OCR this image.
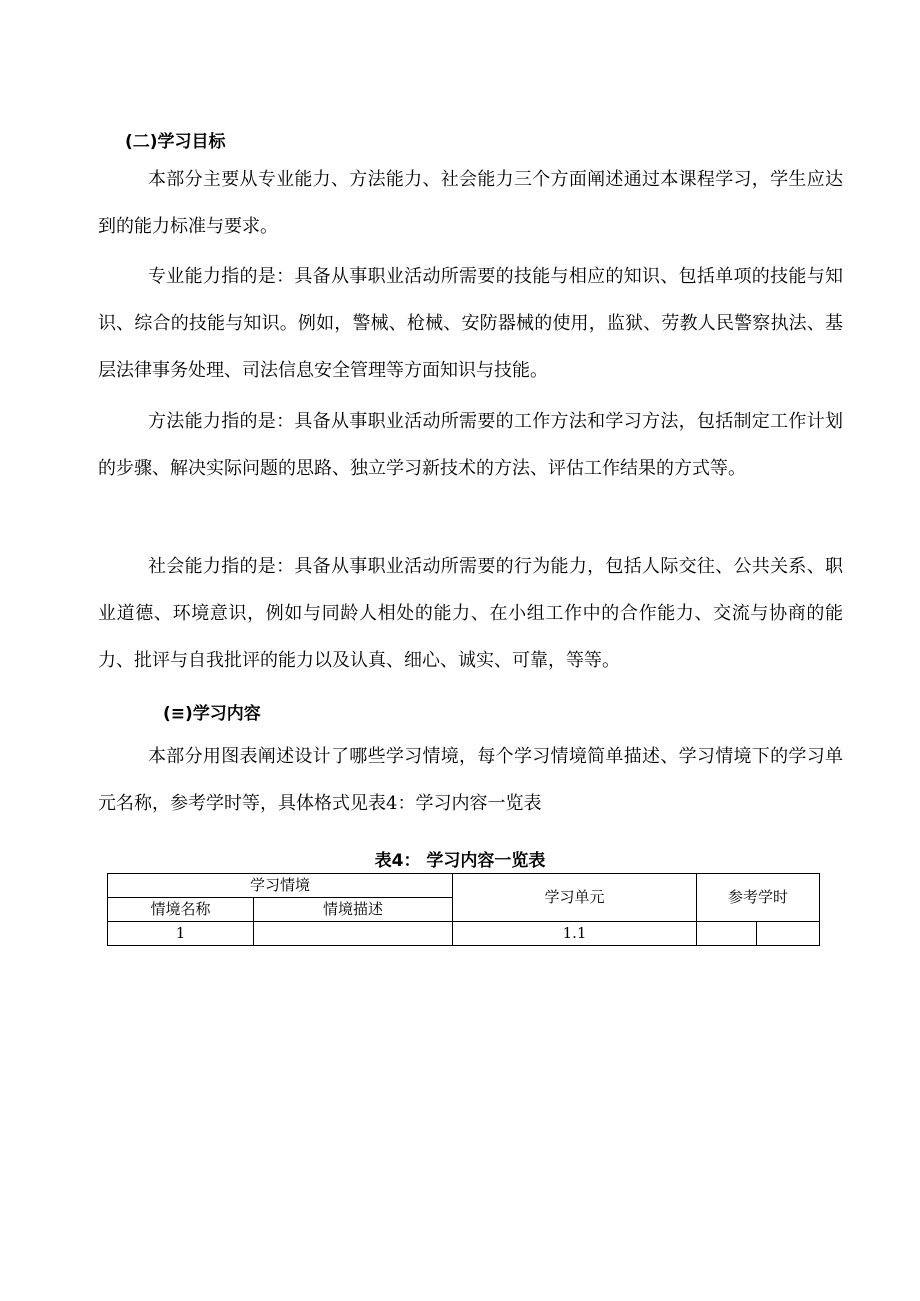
(二)学习目标

本部分主要从专业能力、方法能力、社会能力三个方面阐述通过本课程学习，学生应达到的能力标准与要求。

专业能力指的是：具备从事职业活动所需要的技能与相应的知识、包括单项的技能与知识、综合的技能与知识。例如，警械、枪械、安防器械的使用，监狱、劳教人民警察执法、基层法律事务处理、司法信息安全管理等方面知识与技能。

方法能力指的是：具备从事职业活动所需要的工作方法和学习方法，包括制定工作计划的步骤、解决实际问题的思路、独立学习新技术的方法、评估工作结果的方式等。

社会能力指的是：具备从事职业活动所需要的行为能力，包括人际交往、公共关系、职业道德、环境意识，例如与同龄人相处的能力、在小组工作中的合作能力、交流与协商的能力、批评与自我批评的能力以及认真、细心、诚实、可靠，等等。

(≡)学习内容

本部分用图表阐述设计了哪些学习情境，每个学习情境简单描述、学习情境下的学习单元名称，参考学时等，具体格式见表4：学习内容一览表

表4： 学习内容一览表
学习情境		学习单元	参考学时	
情境名称	情境描述			
1		1.1		
